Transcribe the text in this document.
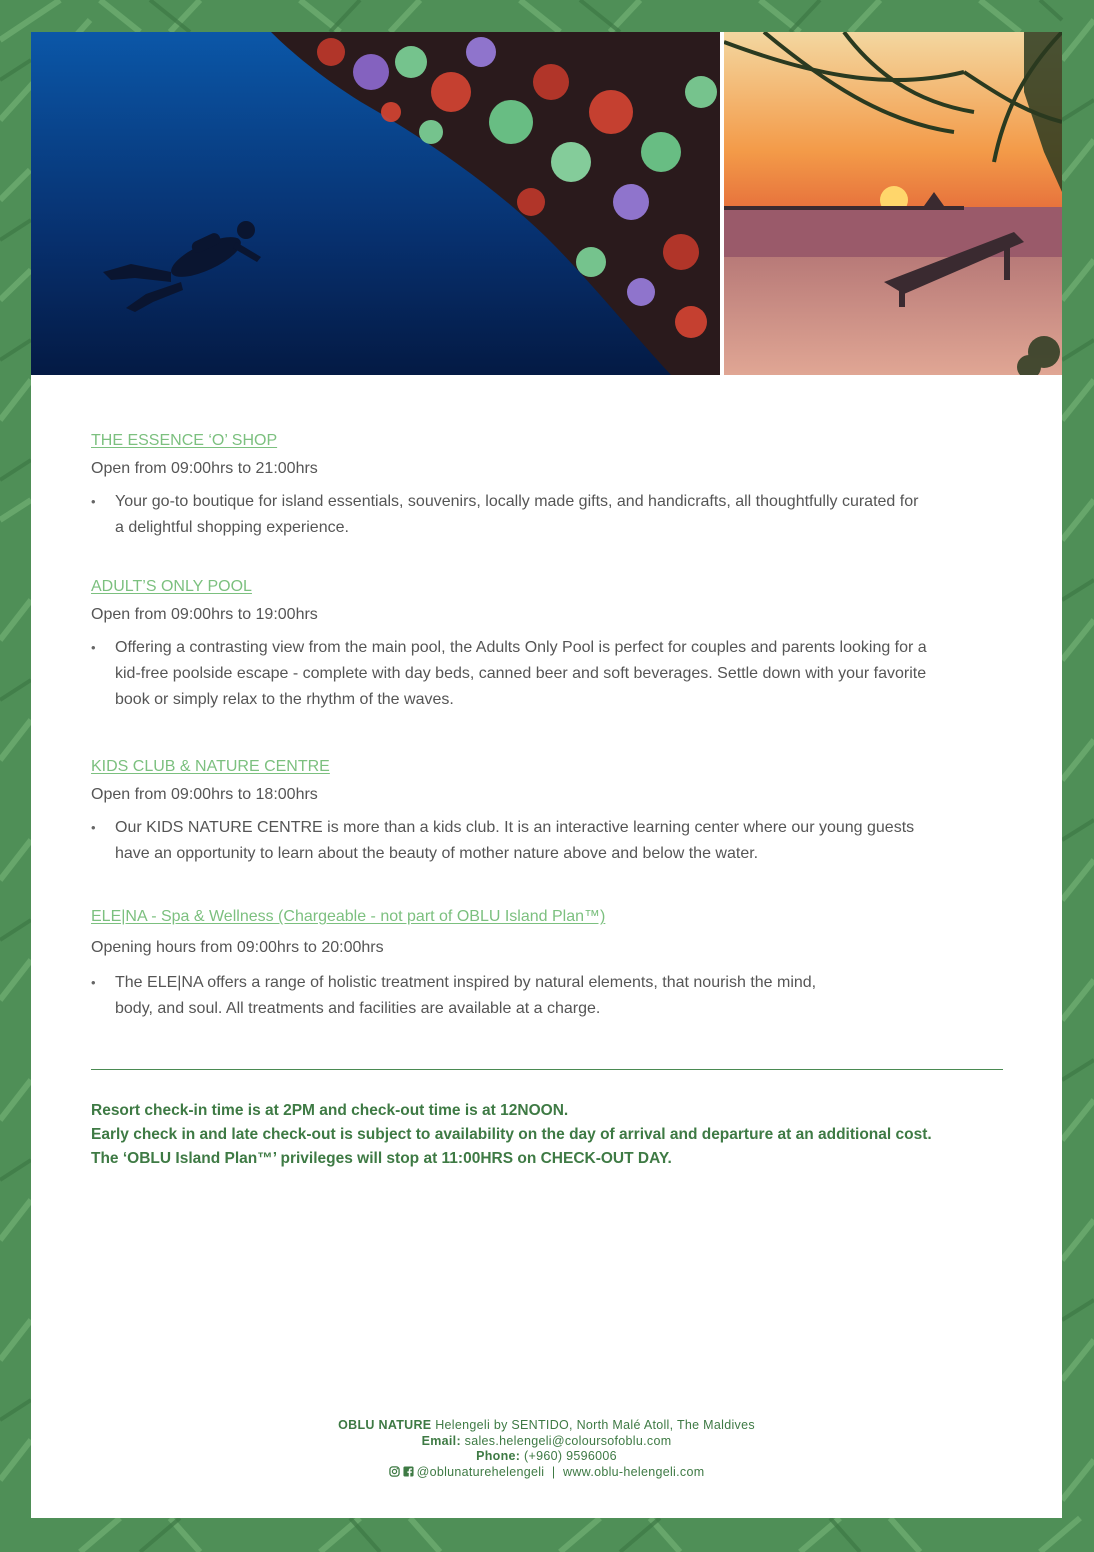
THE ESSENCE ‘O’ SHOP

Open from 09:00hrs to 21:00hrs

•	Your go-to boutique for island essentials, souvenirs, locally made gifts, and handicrafts, all thoughtfully curated for
a delightful shopping experience.

ADULT’S ONLY POOL

Open from 09:00hrs to 19:00hrs

•	Offering a contrasting view from the main pool, the Adults Only Pool is perfect for couples and parents looking for a
kid-free poolside escape - complete with day beds, canned beer and soft beverages. Settle down with your favorite
book or simply relax to the rhythm of the waves.

KIDS CLUB & NATURE CENTRE

Open from 09:00hrs to 18:00hrs

•	Our KIDS NATURE CENTRE is more than a kids club. It is an interactive learning center where our young guests
have an opportunity to learn about the beauty of mother nature above and below the water.

ELE|NA - Spa & Wellness (Chargeable - not part of OBLU Island Plan™)

Opening hours from 09:00hrs to 20:00hrs

•	The ELE|NA offers a range of holistic treatment inspired by natural elements, that nourish the mind,
body, and soul. All treatments and facilities are available at a charge.

Resort check-in time is at 2PM and check-out time is at 12NOON.

Early check in and late check-out is subject to availability on the day of arrival and departure at an additional cost.

The ‘OBLU Island Plan™’ privileges will stop at 11:00HRS on CHECK-OUT DAY.

OBLU NATURE Helengeli by SENTIDO, North Malé Atoll, The Maldives

Email: sales.helengeli@coloursofoblu.com

Phone: (+960) 9596006

@oblunaturehelengeli  |  www.oblu-helengeli.com
